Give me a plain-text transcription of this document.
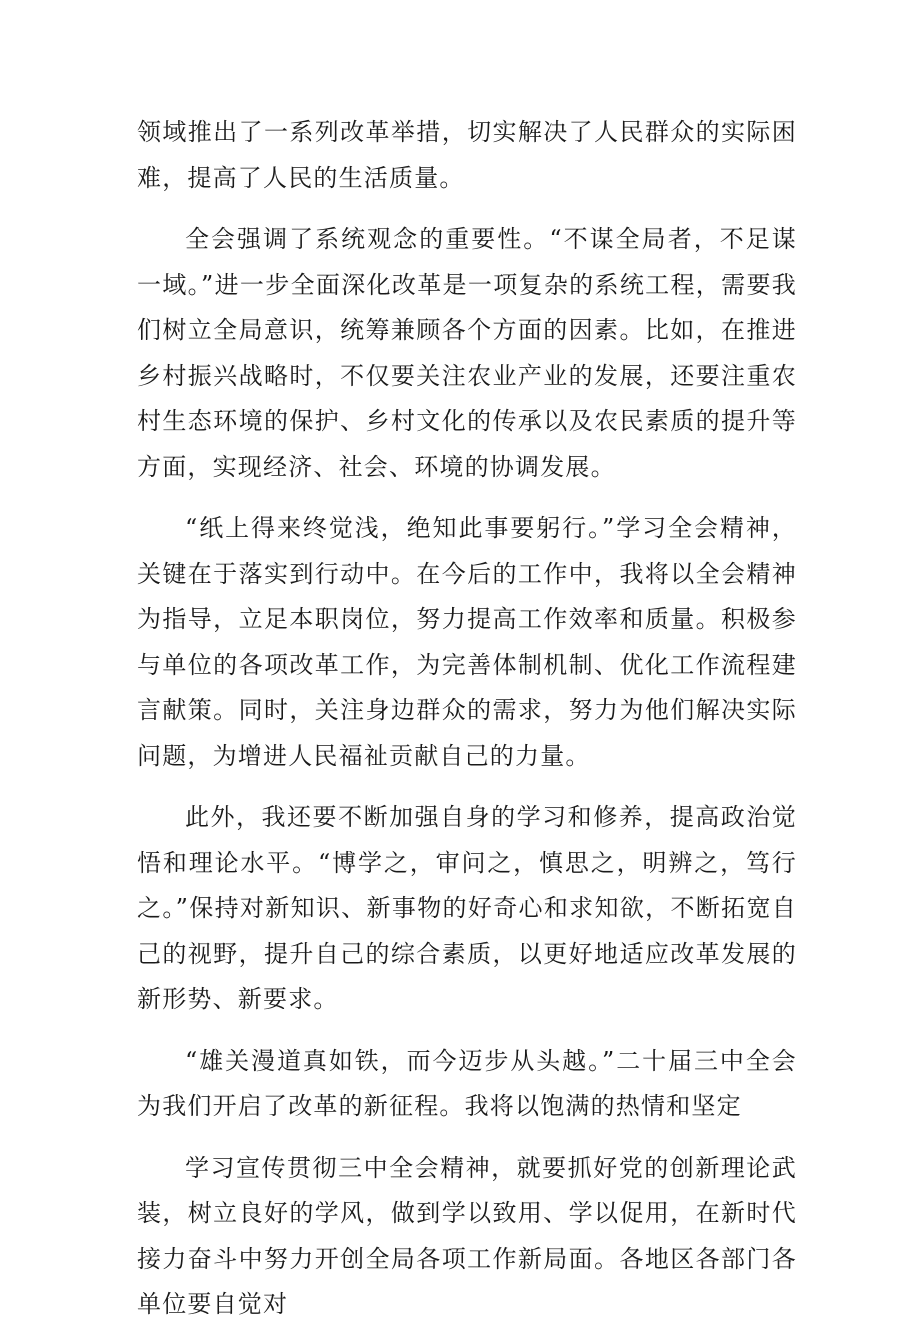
领域推出了一系列改革举措，切实解决了人民群众的实际困难，提高了人民的生活质量。

全会强调了系统观念的重要性。“不谋全局者，不足谋一域。”进一步全面深化改革是一项复杂的系统工程，需要我们树立全局意识，统筹兼顾各个方面的因素。比如，在推进乡村振兴战略时，不仅要关注农业产业的发展，还要注重农村生态环境的保护、乡村文化的传承以及农民素质的提升等方面，实现经济、社会、环境的协调发展。

“纸上得来终觉浅，绝知此事要躬行。”学习全会精神，关键在于落实到行动中。在今后的工作中，我将以全会精神为指导，立足本职岗位，努力提高工作效率和质量。积极参与单位的各项改革工作，为完善体制机制、优化工作流程建言献策。同时，关注身边群众的需求，努力为他们解决实际问题，为增进人民福祉贡献自己的力量。

此外，我还要不断加强自身的学习和修养，提高政治觉悟和理论水平。“博学之，审问之，慎思之，明辨之，笃行之。”保持对新知识、新事物的好奇心和求知欲，不断拓宽自己的视野，提升自己的综合素质，以更好地适应改革发展的新形势、新要求。

“雄关漫道真如铁，而今迈步从头越。”二十届三中全会为我们开启了改革的新征程。我将以饱满的热情和坚定

学习宣传贯彻三中全会精神，就要抓好党的创新理论武装，树立良好的学风，做到学以致用、学以促用，在新时代接力奋斗中努力开创全局各项工作新局面。各地区各部门各单位要自觉对
